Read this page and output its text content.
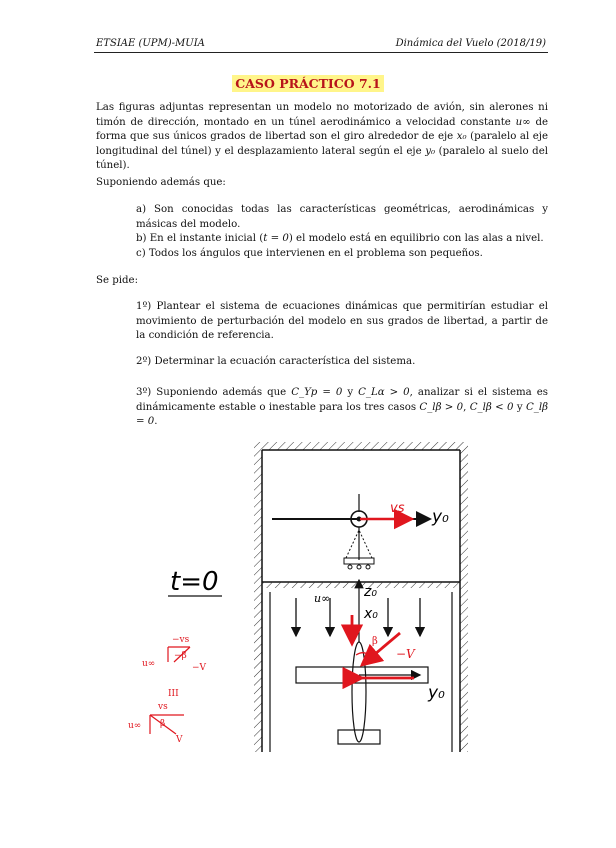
ETSIAE (UPM)-MUIA	Dinámica del Vuelo (2018/19)
CASO PRÁCTICO 7.1
Las figuras adjuntas representan un modelo no motorizado de avión, sin alerones ni timón de dirección, montado en un túnel aerodinámico a velocidad constante u∞ de forma que sus únicos grados de libertad son el giro alrededor de eje x₀ (paralelo al eje longitudinal del túnel) y el desplazamiento lateral según el eje y₀ (paralelo al suelo del túnel).
Suponiendo además que:
a) Son conocidas todas las características geométricas, aerodinámicas y másicas del modelo.
b) En el instante inicial (t = 0) el modelo está en equilibrio con las alas a nivel.
c) Todos los ángulos que intervienen en el problema son pequeños.
Se pide:
1º) Plantear el sistema de ecuaciones dinámicas que permitirían estudiar el movimiento de perturbación del modelo en sus grados de libertad, a partir de la condición de referencia.
2º) Determinar la ecuación característica del sistema.
3º) Suponiendo además que C_Yp = 0 y C_Lα > 0, analizar si el sistema es dinámicamente estable o inestable para los tres casos C_lβ > 0, C_lβ < 0 y C_lβ = 0.
vs y₀
u∞ z₀
x₀
y₀
β
−V
t=0
−vs
u∞
−β
−V
III
vs
β
u∞
V
